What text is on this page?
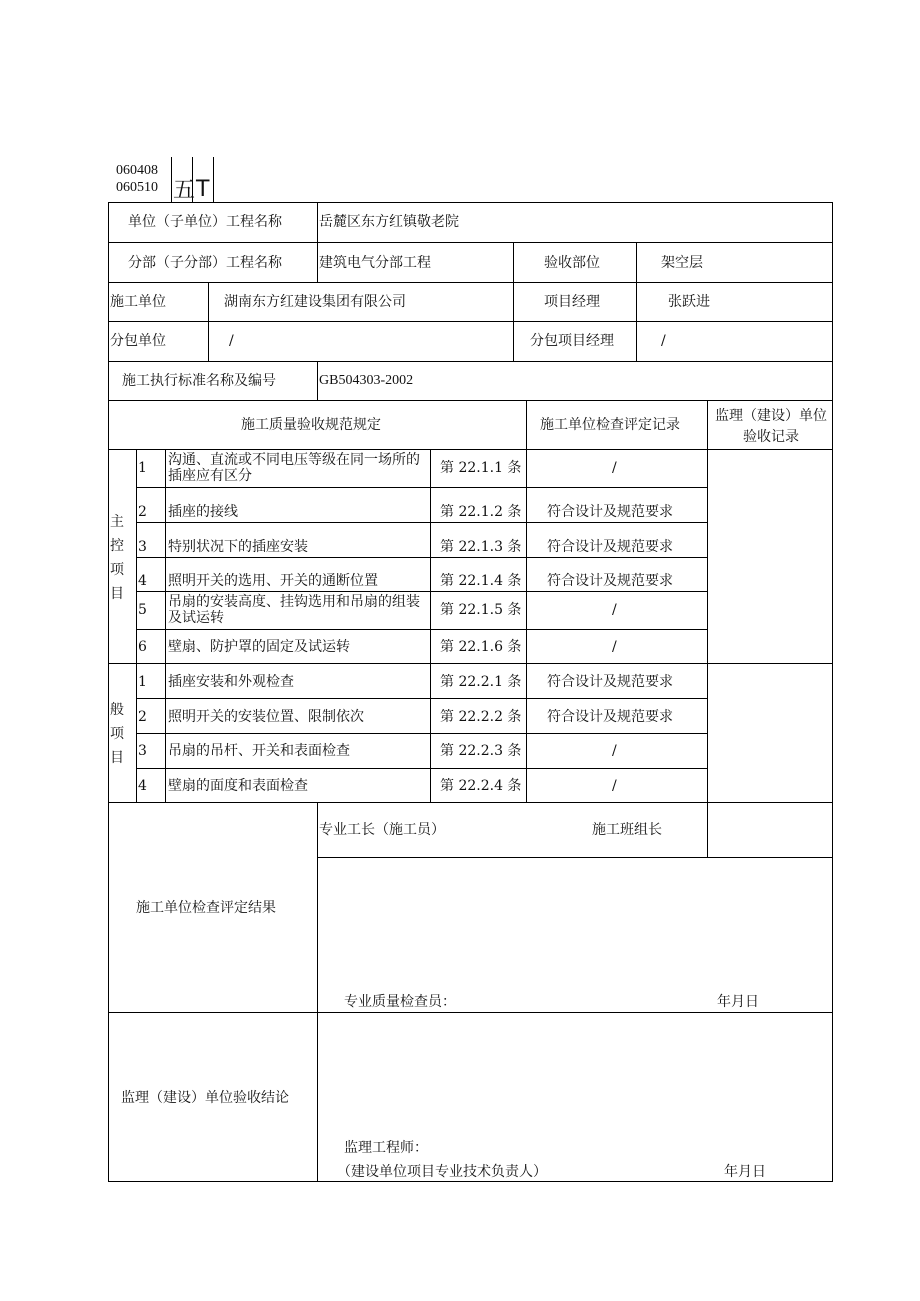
060408
060510 五 T
单位（子单位）工程名称	岳麓区东方红镇敬老院
分部（子分部）工程名称	建筑电气分部工程	验收部位	架空层
施工单位	湖南东方红建设集团有限公司	项目经理	张跃进
分包单位	/	分包项目经理	/
施工执行标准名称及编号	GB504303-2002
施工质量验收规范规定	施工单位检查评定记录
监理（建设）单位验收记录
主控项目
般项目
1 沟通、直流或不同电压等级在同一场所的插座应有区分	第 22.1.1 条	/
2 插座的接线	第 22.1.2 条 符合设计及规范要求
3 特别状况下的插座安装	第 22.1.3 条 符合设计及规范要求
4 照明开关的选用、开关的通断位置	第 22.1.4 条 符合设计及规范要求
5 吊扇的安装高度、挂钩选用和吊扇的组装及试运转	第 22.1.5 条	/
6 壁扇、防护罩的固定及试运转	第 22.1.6 条	/
1 插座安装和外观检查	第 22.2.1 条 符合设计及规范要求
2 照明开关的安装位置、限制依次	第 22.2.2 条 符合设计及规范要求
3 吊扇的吊杆、开关和表面检查	第 22.2.3 条	/
4 壁扇的面度和表面检查	第 22.2.4 条	/
施工单位检查评定结果
专业工长（施工员）	施工班组长
专业质量检查员：	年月日
监理（建设）单位验收结论
监理工程师：
（建设单位项目专业技术负责人）	年月日
